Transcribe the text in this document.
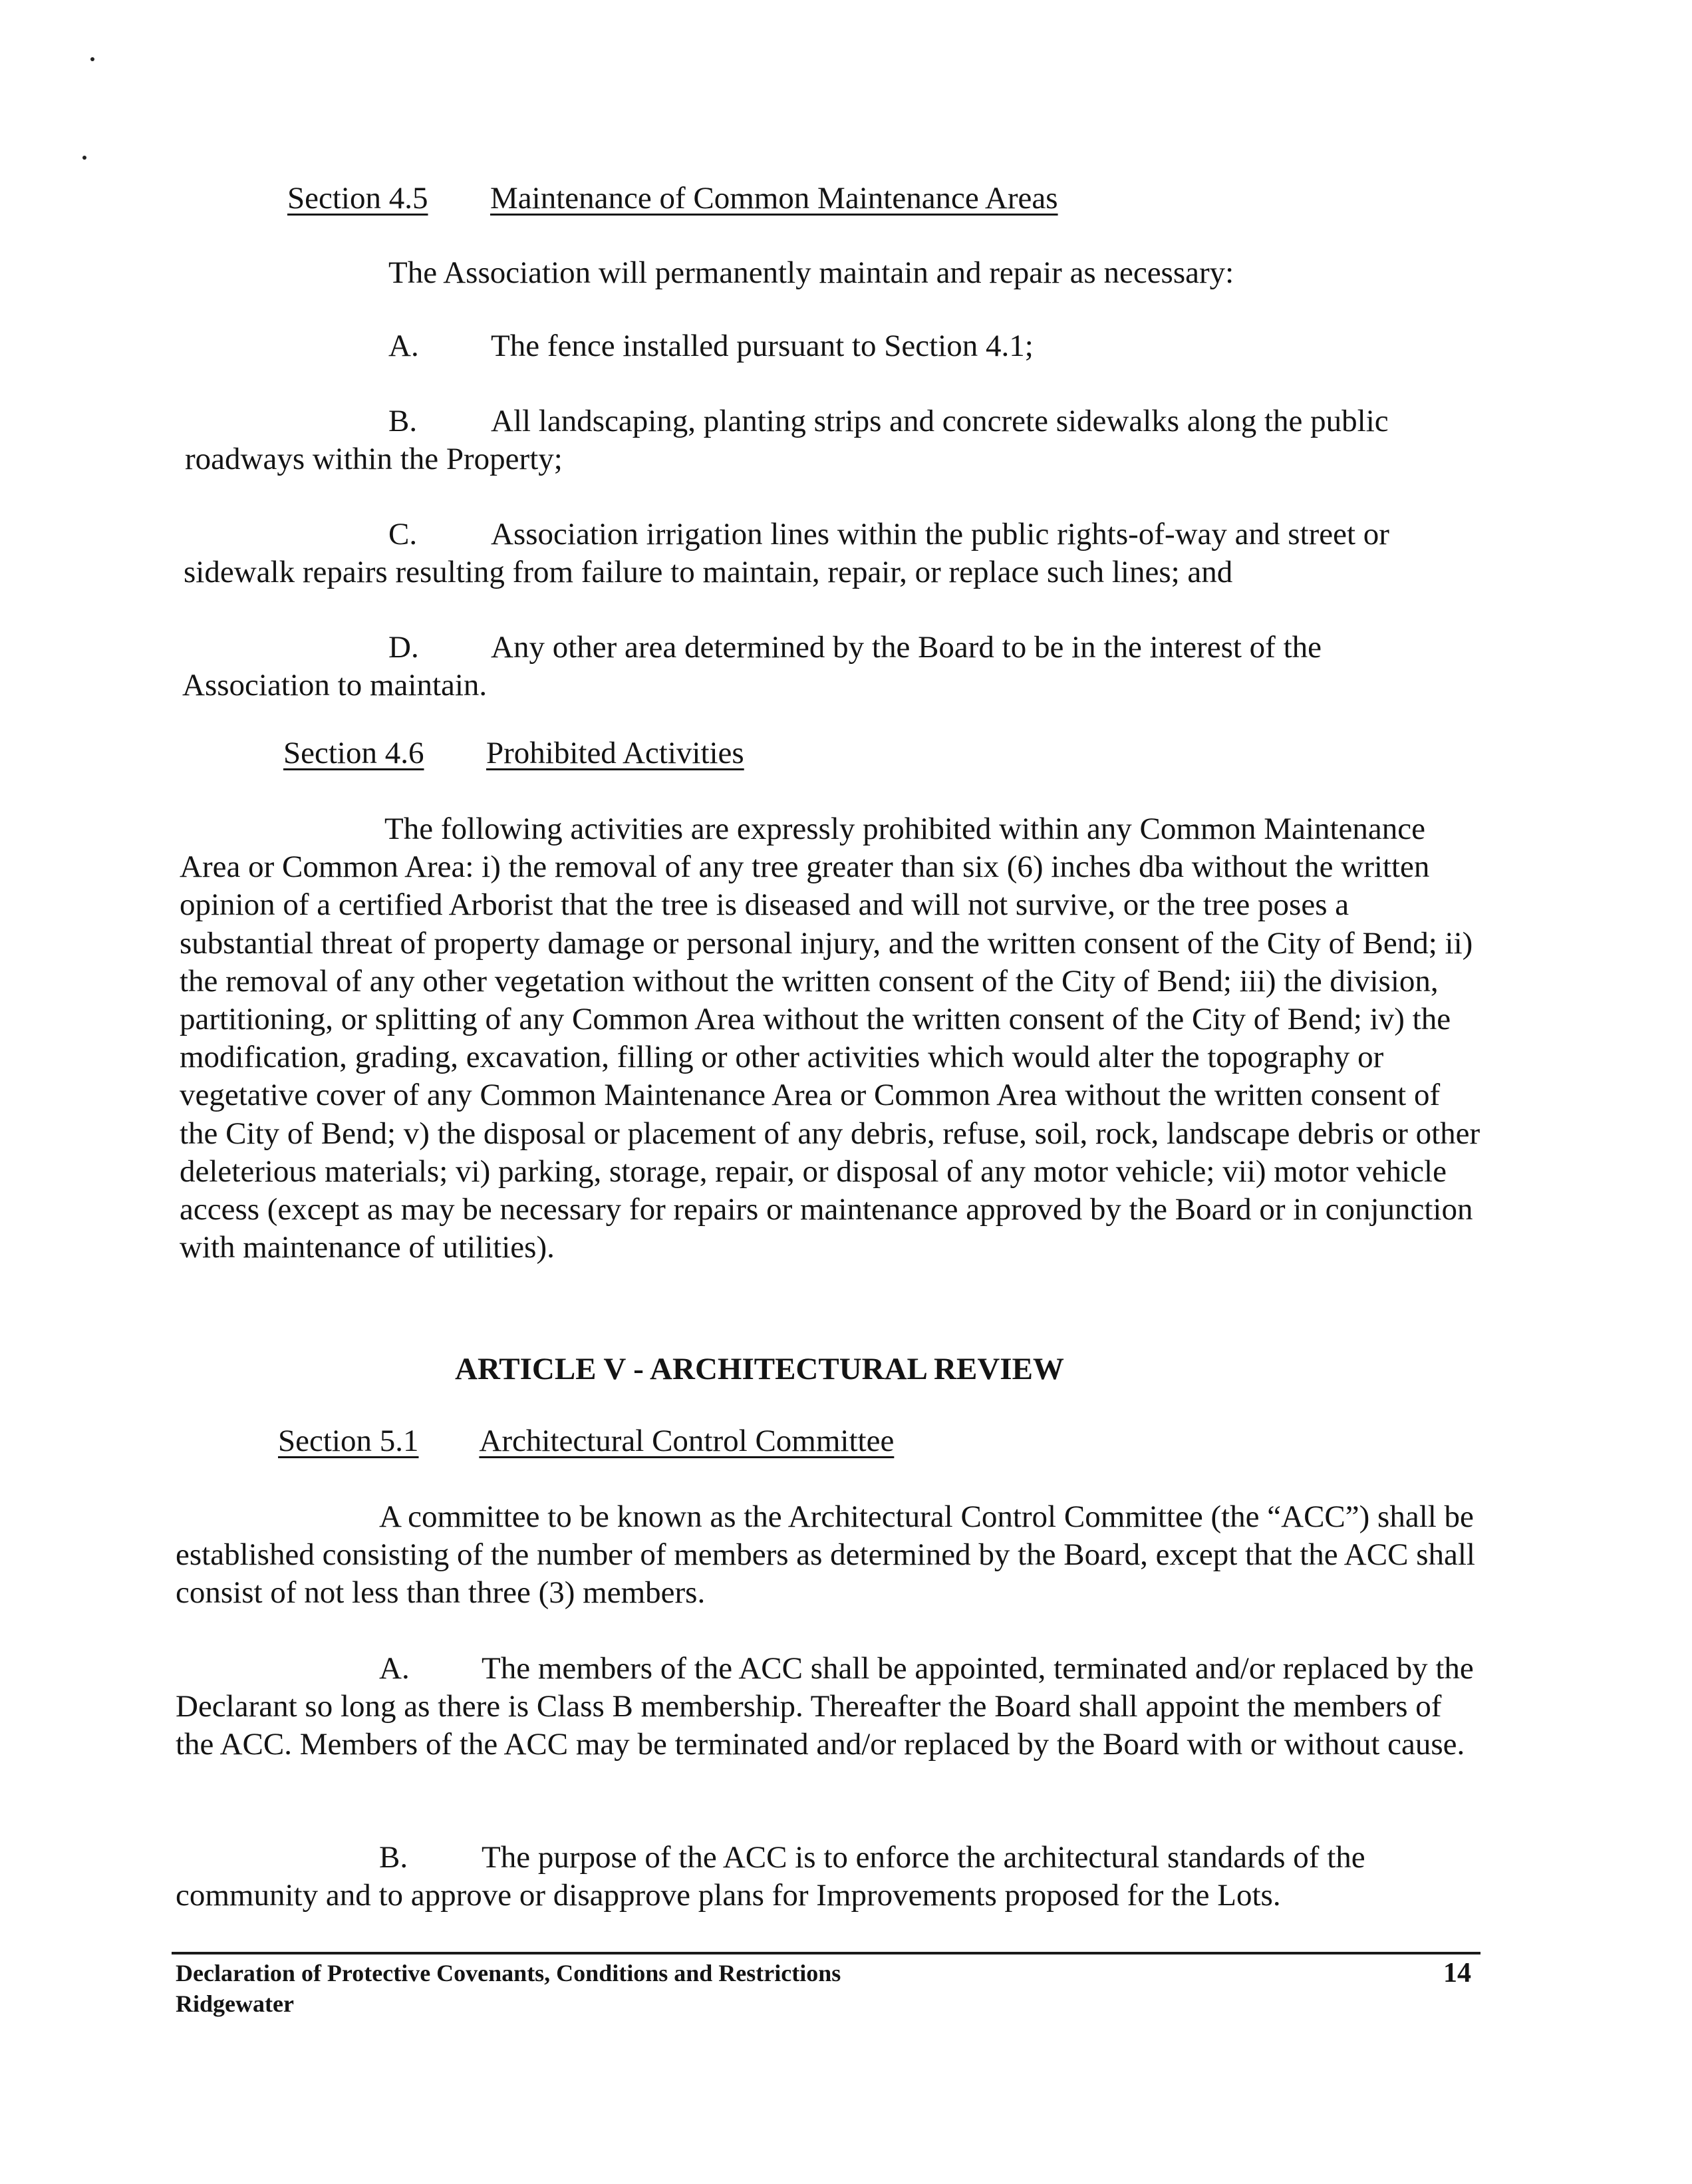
Section 4.5 Maintenance of Common Maintenance Areas
The Association will permanently maintain and repair as necessary:
A. The fence installed pursuant to Section 4.1;
B. All landscaping, planting strips and concrete sidewalks along the public roadways within the Property;
C. Association irrigation lines within the public rights-of-way and street or sidewalk repairs resulting from failure to maintain, repair, or replace such lines; and
D. Any other area determined by the Board to be in the interest of the Association to maintain.
Section 4.6 Prohibited Activities
The following activities are expressly prohibited within any Common Maintenance Area or Common Area: i) the removal of any tree greater than six (6) inches dba without the written opinion of a certified Arborist that the tree is diseased and will not survive, or the tree poses a substantial threat of property damage or personal injury, and the written consent of the City of Bend; ii) the removal of any other vegetation without the written consent of the City of Bend; iii) the division, partitioning, or splitting of any Common Area without the written consent of the City of Bend; iv) the modification, grading, excavation, filling or other activities which would alter the topography or vegetative cover of any Common Maintenance Area or Common Area without the written consent of the City of Bend; v) the disposal or placement of any debris, refuse, soil, rock, landscape debris or other deleterious materials; vi) parking, storage, repair, or disposal of any motor vehicle; vii) motor vehicle access (except as may be necessary for repairs or maintenance approved by the Board or in conjunction with maintenance of utilities).
ARTICLE V - ARCHITECTURAL REVIEW
Section 5.1 Architectural Control Committee
A committee to be known as the Architectural Control Committee (the “ACC”) shall be established consisting of the number of members as determined by the Board, except that the ACC shall consist of not less than three (3) members.
A. The members of the ACC shall be appointed, terminated and/or replaced by the Declarant so long as there is Class B membership. Thereafter the Board shall appoint the members of the ACC. Members of the ACC may be terminated and/or replaced by the Board with or without cause.
B. The purpose of the ACC is to enforce the architectural standards of the community and to approve or disapprove plans for Improvements proposed for the Lots.
Declaration of Protective Covenants, Conditions and Restrictions
Ridgewater
14
